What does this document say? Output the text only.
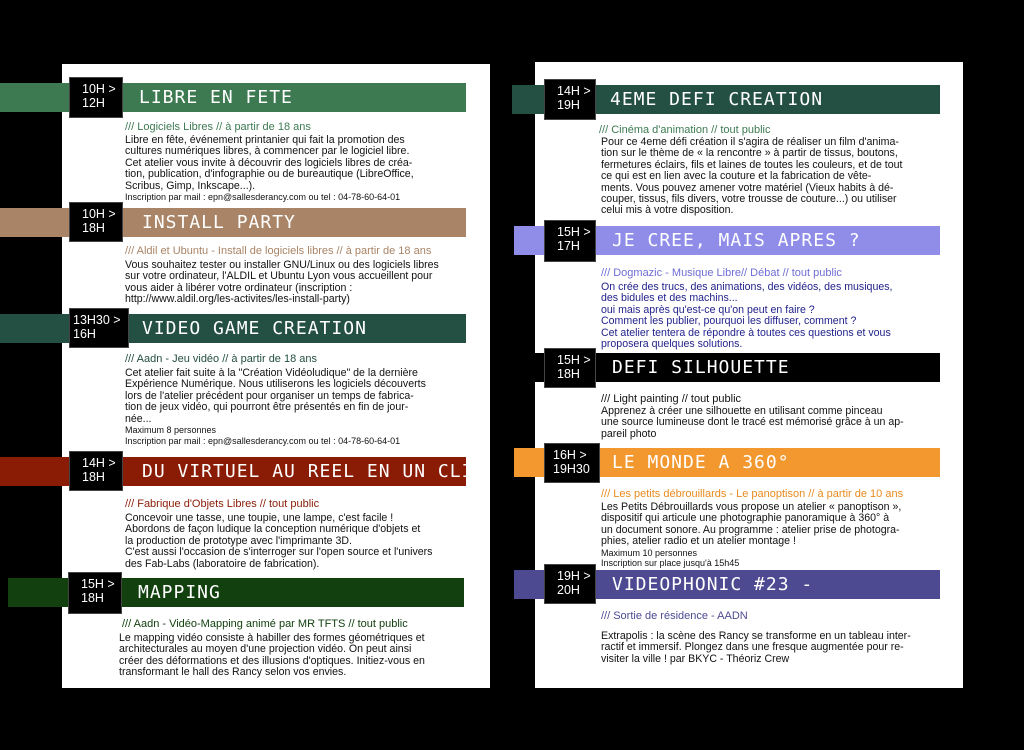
LIBRE EN FETE
10H >
12H
/// Logiciels Libres // à partir de 18 ans

Libre en fête, événement printanier qui fait la promotion des

cultures numériques libres, à commencer par le logiciel libre.

Cet atelier vous invite à découvrir des logiciels libres de créa-

tion, publication, d'infographie ou de bureautique (LibreOffice,

Scribus, Gimp, Inkscape...).

Inscription par mail : epn@sallesderancy.com ou tel : 04-78-60-64-01
INSTALL PARTY
10H >
18H
/// Aldil et Ubuntu - Install de logiciels libres // à partir de 18 ans

Vous souhaitez tester ou installer GNU/Linux ou des logiciels libres

sur votre ordinateur, l'ALDIL et Ubuntu Lyon vous accueillent pour

vous aider à libérer votre ordinateur (inscription :

http://www.aldil.org/les-activites/les-install-party)

VIDEO GAME CREATION
13H30 >
16H
/// Aadn - Jeu vidéo // à partir de 18 ans

Cet atelier fait suite à la "Création Vidéoludique" de la dernière

Expérience Numérique. Nous utiliserons les logiciels découverts

lors de l'atelier précédent pour organiser un temps de fabrica-

tion de jeux vidéo, qui pourront être présentés en fin de jour-

née...

Maximum 8 personnes
Inscription par mail : epn@sallesderancy.com ou tel : 04-78-60-64-01
DU VIRTUEL AU REEL EN UN CLIC
14H >
18H
/// Fabrique d'Objets Libres // tout public

Concevoir une tasse, une toupie, une lampe, c'est facile !

Abordons de façon ludique la conception numérique d'objets et

la production de prototype avec l'imprimante 3D.

C'est aussi l'occasion de s'interroger sur l'open source et l'univers

des Fab-Labs (laboratoire de fabrication).

MAPPING
15H >
18H
/// Aadn - Vidéo-Mapping animé par MR TFTS // tout public

Le mapping vidéo consiste à habiller des formes géométriques et

architecturales au moyen d'une projection vidéo. On peut ainsi

créer des déformations et des illusions d'optiques. Initiez-vous en

transformant le hall des Rancy selon vos envies.

4EME DEFI CREATION
14H >
19H
/// Cinéma d'animation // tout public

Pour ce 4eme défi création il s'agira de réaliser un film d'anima-

tion sur le thème de « la rencontre » à partir de tissus, boutons,

fermetures éclairs, fils et laines de toutes les couleurs, et de tout

ce qui est en lien avec la couture et la fabrication de vête-

ments. Vous pouvez amener votre matériel (Vieux habits à dé-

couper, tissus, fils divers, votre trousse de couture...) ou utiliser

celui mis à votre disposition.

JE CREE, MAIS APRES ?
15H >
17H
/// Dogmazic - Musique Libre// Débat // tout public

On crée des trucs, des animations, des vidéos, des musiques,

des bidules et des machins...

oui mais après qu'est-ce qu'on peut en faire ?

Comment les publier, pourquoi les diffuser, comment ?

Cet atelier tentera de répondre à toutes ces questions et vous

proposera quelques solutions.

DEFI SILHOUETTE
15H >
18H
/// Light painting // tout public

Apprenez à créer une silhouette en utilisant comme pinceau

une source lumineuse dont le tracé est mémorisé grâce à un ap-

pareil photo

LE MONDE A 360°
16H >
19H30
/// Les petits débrouillards - Le panoptison // à partir de 10 ans

Les Petits Débrouillards vous propose un atelier « panoptison »,

dispositif qui articule une photographie panoramique à 360° à

un document sonore. Au programme : atelier prise de photogra-

phies, atelier radio et un atelier montage !

Maximum 10 personnes
Inscription sur place jusqu'à 15h45
VIDEOPHONIC #23 -
19H >
20H
/// Sortie de résidence - AADN

Extrapolis : la scène des Rancy se transforme en un tableau inter-

ractif et immersif. Plongez dans une fresque augmentée pour re-

visiter la ville ! par BKYC - Théoriz Crew
